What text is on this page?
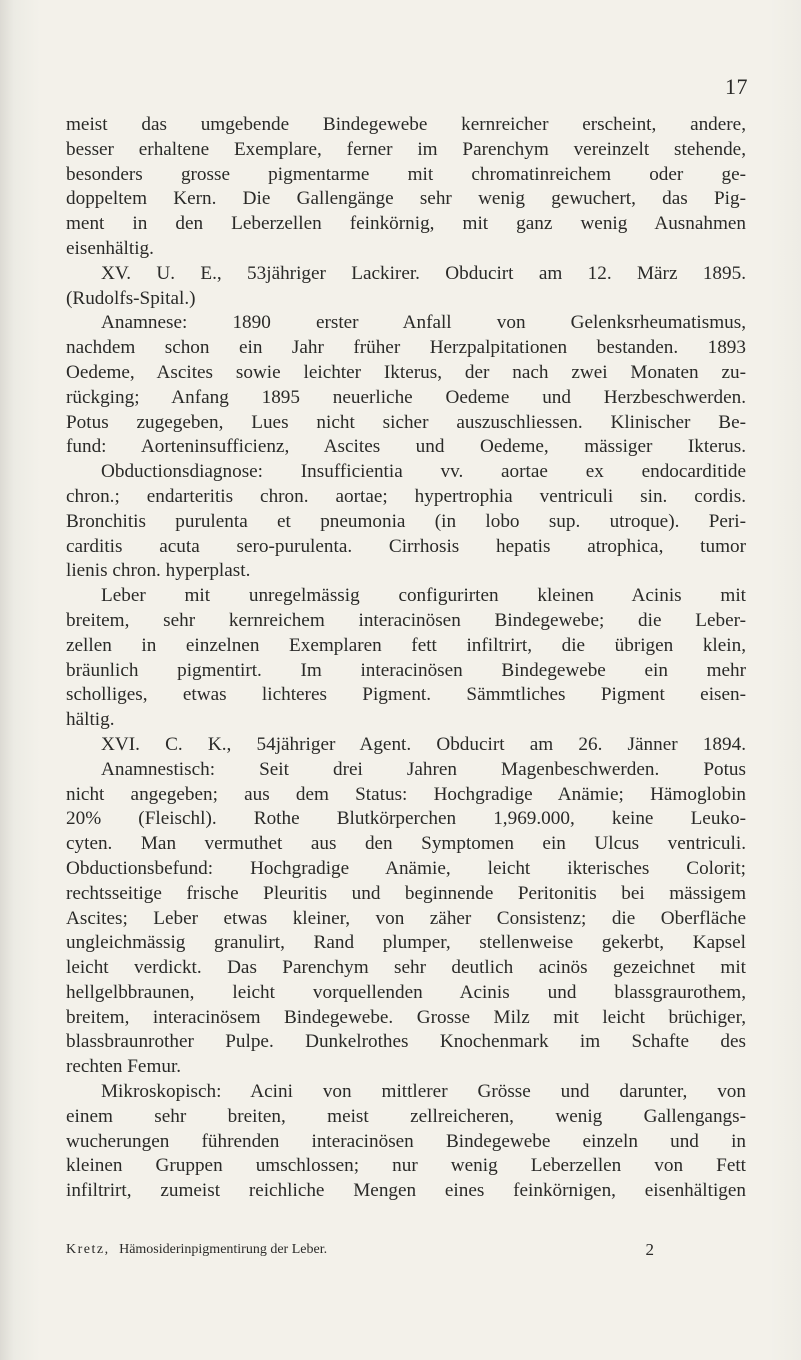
17
meist das umgebende Bindegewebe kernreicher erscheint, andere,
besser erhaltene Exemplare, ferner im Parenchym vereinzelt stehende,
besonders grosse pigmentarme mit chromatinreichem oder ge-
doppeltem Kern. Die Gallengänge sehr wenig gewuchert, das Pig-
ment in den Leberzellen feinkörnig, mit ganz wenig Ausnahmen
eisenhältig.
XV. U. E., 53jähriger Lackirer. Obducirt am 12. März 1895.
(Rudolfs-Spital.)
Anamnese: 1890 erster Anfall von Gelenksrheumatismus,
nachdem schon ein Jahr früher Herzpalpitationen bestanden. 1893
Oedeme, Ascites sowie leichter Ikterus, der nach zwei Monaten zu-
rückging; Anfang 1895 neuerliche Oedeme und Herzbeschwerden.
Potus zugegeben, Lues nicht sicher auszuschliessen. Klinischer Be-
fund: Aorteninsufficienz, Ascites und Oedeme, mässiger Ikterus.
Obductionsdiagnose: Insufficientia vv. aortae ex endocarditide
chron.; endarteritis chron. aortae; hypertrophia ventriculi sin. cordis.
Bronchitis purulenta et pneumonia (in lobo sup. utroque). Peri-
carditis acuta sero-purulenta. Cirrhosis hepatis atrophica, tumor
lienis chron. hyperplast.
Leber mit unregelmässig configurirten kleinen Acinis mit
breitem, sehr kernreichem interacinösen Bindegewebe; die Leber-
zellen in einzelnen Exemplaren fett infiltrirt, die übrigen klein,
bräunlich pigmentirt. Im interacinösen Bindegewebe ein mehr
scholliges, etwas lichteres Pigment. Sämmtliches Pigment eisen-
hältig.
XVI. C. K., 54jähriger Agent. Obducirt am 26. Jänner 1894.
Anamnestisch: Seit drei Jahren Magenbeschwerden. Potus
nicht angegeben; aus dem Status: Hochgradige Anämie; Hämoglobin
20% (Fleischl). Rothe Blutkörperchen 1,969.000, keine Leuko-
cyten. Man vermuthet aus den Symptomen ein Ulcus ventriculi.
Obductionsbefund: Hochgradige Anämie, leicht ikterisches Colorit;
rechtsseitige frische Pleuritis und beginnende Peritonitis bei mässigem
Ascites; Leber etwas kleiner, von zäher Consistenz; die Oberfläche
ungleichmässig granulirt, Rand plumper, stellenweise gekerbt, Kapsel
leicht verdickt. Das Parenchym sehr deutlich acinös gezeichnet mit
hellgelbbraunen, leicht vorquellenden Acinis und blassgraurothem,
breitem, interacinösem Bindegewebe. Grosse Milz mit leicht brüchiger,
blassbraunrother Pulpe. Dunkelrothes Knochenmark im Schafte des
rechten Femur.
Mikroskopisch: Acini von mittlerer Grösse und darunter, von
einem sehr breiten, meist zellreicheren, wenig Gallengangs-
wucherungen führenden interacinösen Bindegewebe einzeln und in
kleinen Gruppen umschlossen; nur wenig Leberzellen von Fett
infiltrirt, zumeist reichliche Mengen eines feinkörnigen, eisenhältigen
Kretz, Hämosiderinpigmentirung der Leber.	2
